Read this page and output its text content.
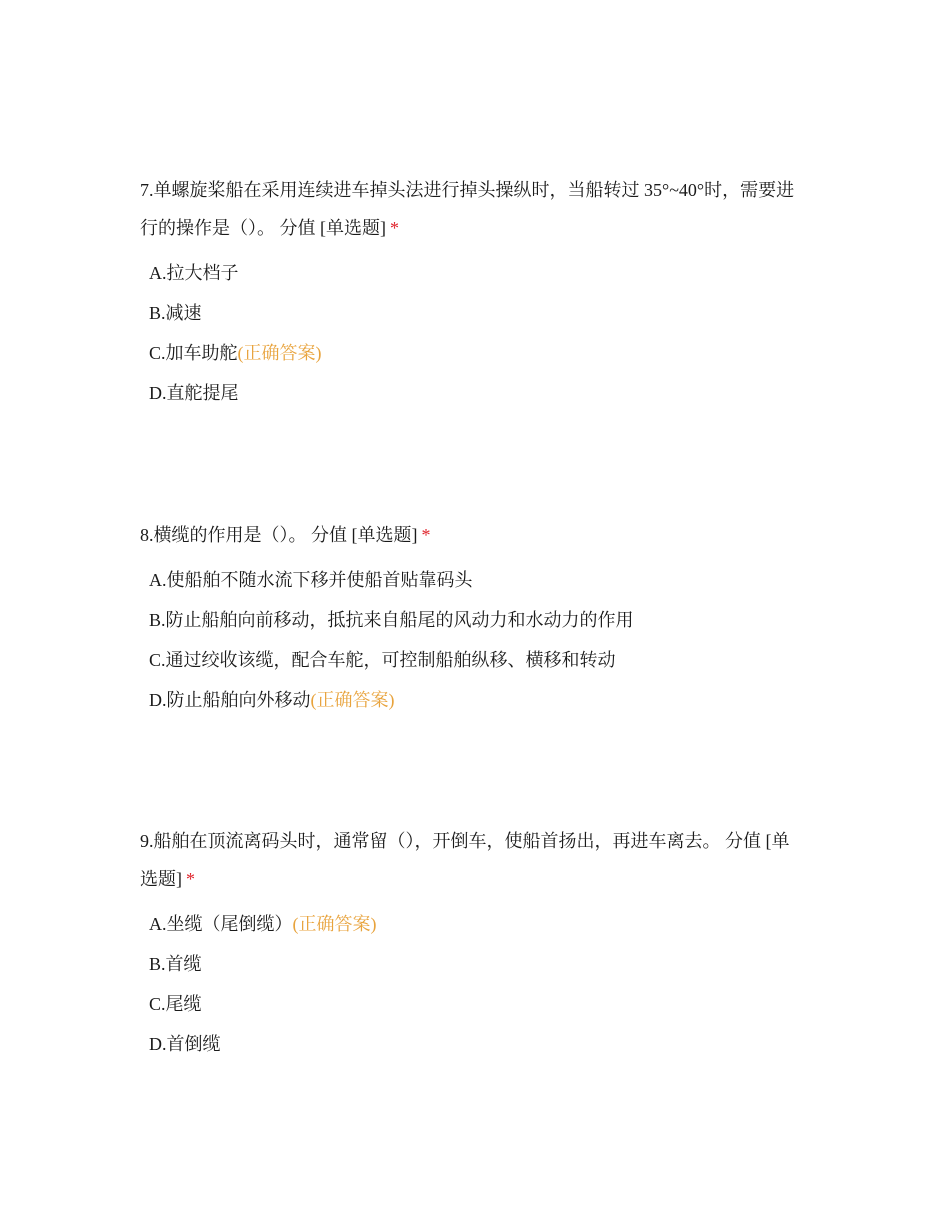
7.单螺旋桨船在采用连续进车掉头法进行掉头操纵时，当船转过 35°~40°时，需要进行的操作是（）。 分值 [单选题] *

A.拉大档子
B.减速
C.加车助舵(正确答案)
D.直舵提尾

8.横缆的作用是（）。 分值 [单选题] *

A.使船舶不随水流下移并使船首贴靠码头
B.防止船舶向前移动，抵抗来自船尾的风动力和水动力的作用
C.通过绞收该缆，配合车舵，可控制船舶纵移、横移和转动
D.防止船舶向外移动(正确答案)

9.船舶在顶流离码头时，通常留（），开倒车，使船首扬出，再进车离去。 分值 [单选题] *

A.坐缆（尾倒缆）(正确答案)
B.首缆
C.尾缆
D.首倒缆
